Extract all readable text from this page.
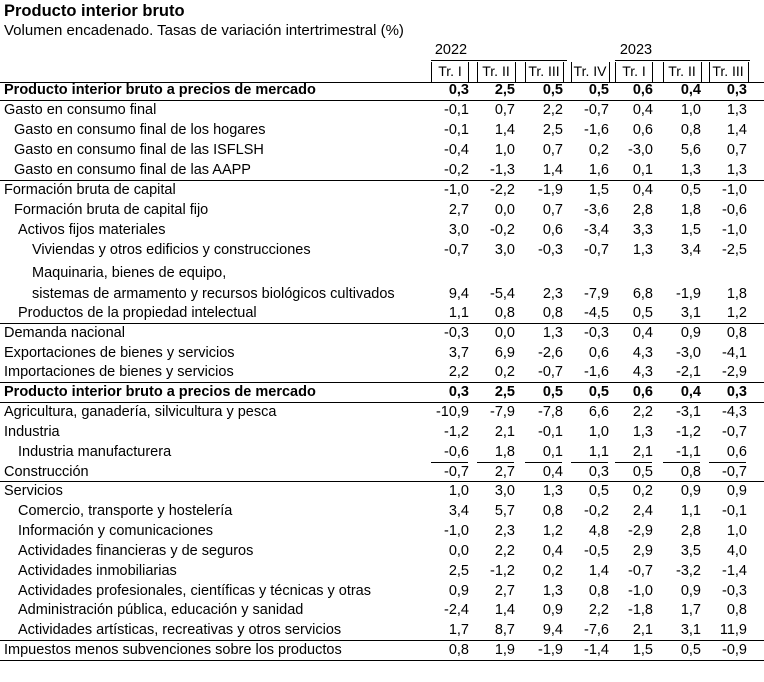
Producto interior bruto
Volumen encadenado. Tasas de variación intertrimestral (%)
2022	2023
Tr. I	Tr. II	Tr. III Tr. IV	Tr. I	Tr. II	Tr. III
Producto interior bruto a precios de mercado	0,3	2,5	0,5	0,5	0,6	0,4	0,3
Gasto en consumo final	-0,1	0,7	2,2	-0,7	0,4	1,0	1,3
Gasto en consumo final de los hogares	-0,1	1,4	2,5	-1,6	0,6	0,8	1,4
Gasto en consumo final de las ISFLSH	-0,4	1,0	0,7	0,2	-3,0	5,6	0,7
Gasto en consumo final de las AAPP	-0,2	-1,3	1,4	1,6	0,1	1,3	1,3
Formación bruta de capital	-1,0	-2,2	-1,9	1,5	0,4	0,5	-1,0
Formación bruta de capital fijo	2,7	0,0	0,7	-3,6	2,8	1,8	-0,6
Activos fijos materiales	3,0	-0,2	0,6	-3,4	3,3	1,5	-1,0
Viviendas y otros edificios y construcciones	-0,7	3,0	-0,3	-0,7	1,3	3,4	-2,5
Maquinaria, bienes de equipo,
sistemas de armamento y recursos biológicos cultivados	9,4	-5,4	2,3	-7,9	6,8	-1,9	1,8
Productos de la propiedad intelectual	1,1	0,8	0,8	-4,5	0,5	3,1	1,2
Demanda nacional	-0,3	0,0	1,3	-0,3	0,4	0,9	0,8
Exportaciones de bienes y servicios	3,7	6,9	-2,6	0,6	4,3	-3,0	-4,1
Importaciones de bienes y servicios	2,2	0,2	-0,7	-1,6	4,3	-2,1	-2,9
Producto interior bruto a precios de mercado	0,3	2,5	0,5	0,5	0,6	0,4	0,3
Agricultura, ganadería, silvicultura y pesca	-10,9	-7,9	-7,8	6,6	2,2	-3,1	-4,3
Industria	-1,2	2,1	-0,1	1,0	1,3	-1,2	-0,7
Industria manufacturera	-0,6	1,8	0,1	1,1	2,1	-1,1	0,6
Construcción	-0,7	2,7	0,4	0,3	0,5	0,8	-0,7
Servicios	1,0	3,0	1,3	0,5	0,2	0,9	0,9
Comercio, transporte y hostelería	3,4	5,7	0,8	-0,2	2,4	1,1	-0,1
Información y comunicaciones	-1,0	2,3	1,2	4,8	-2,9	2,8	1,0
Actividades financieras y de seguros	0,0	2,2	0,4	-0,5	2,9	3,5	4,0
Actividades inmobiliarias	2,5	-1,2	0,2	1,4	-0,7	-3,2	-1,4
Actividades profesionales, científicas y técnicas y otras	0,9	2,7	1,3	0,8	-1,0	0,9	-0,3
Administración pública, educación y sanidad	-2,4	1,4	0,9	2,2	-1,8	1,7	0,8
Actividades artísticas, recreativas y otros servicios	1,7	8,7	9,4	-7,6	2,1	3,1	11,9
Impuestos menos subvenciones sobre los productos	0,8	1,9	-1,9	-1,4	1,5	0,5	-0,9
